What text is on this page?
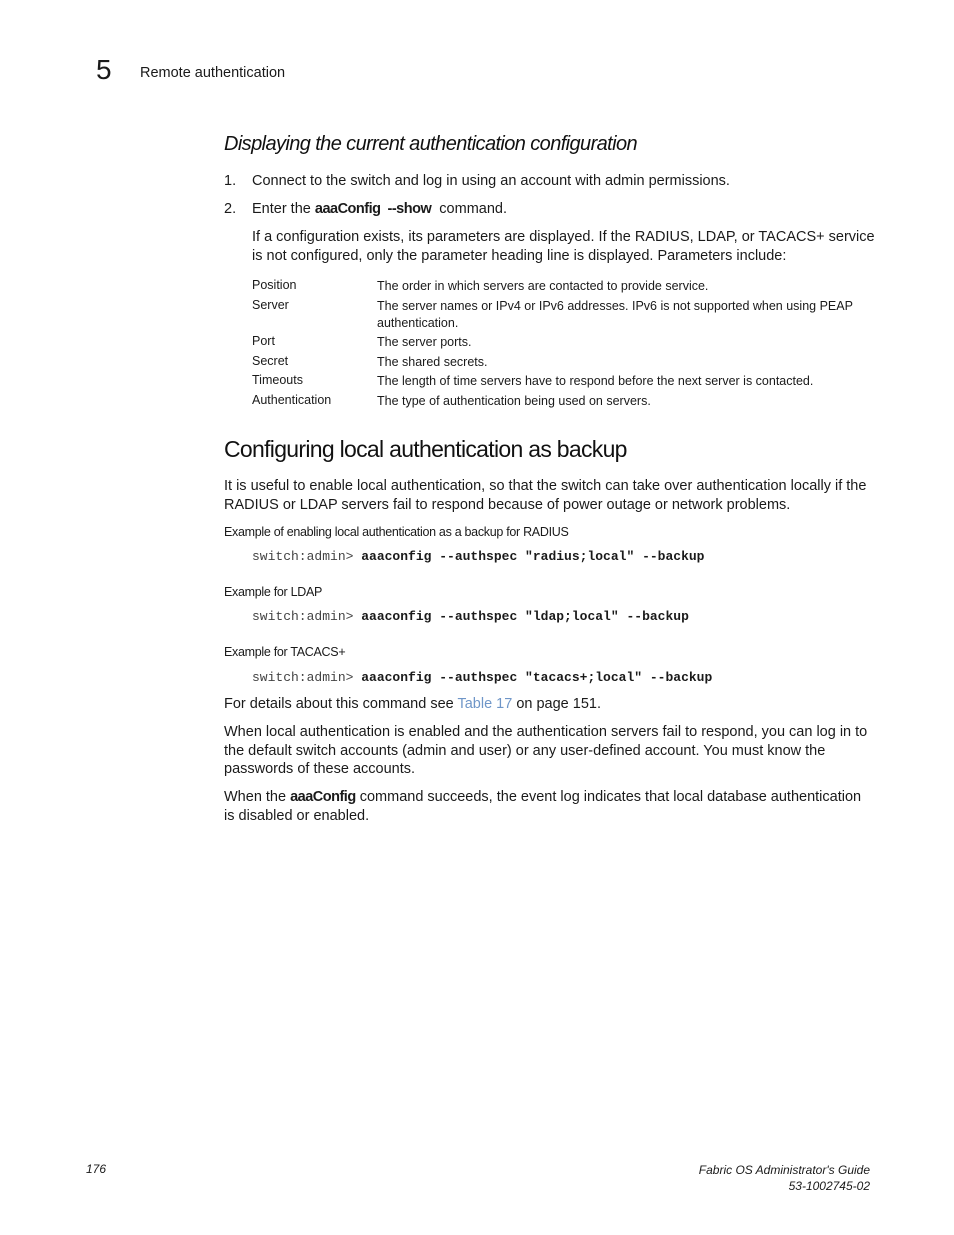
5 Remote authentication
Displaying the current authentication configuration
1.	Connect to the switch and log in using an account with admin permissions.
2.	Enter the aaaConfig  --show  command.
If a configuration exists, its parameters are displayed. If the RADIUS, LDAP, or TACACS+ service is not configured, only the parameter heading line is displayed. Parameters include:
Position	The order in which servers are contacted to provide service.
Server	The server names or IPv4 or IPv6 addresses. IPv6 is not supported when using PEAP authentication.
Port	The server ports.
Secret	The shared secrets.
Timeouts	The length of time servers have to respond before the next server is contacted.
Authentication	The type of authentication being used on servers.
Configuring local authentication as backup
It is useful to enable local authentication, so that the switch can take over authentication locally if the RADIUS or LDAP servers fail to respond because of power outage or network problems.
Example of enabling local authentication as a backup for RADIUS
switch:admin> aaaconfig --authspec "radius;local" --backup
Example for LDAP
switch:admin> aaaconfig --authspec "ldap;local" --backup
Example for TACACS+
switch:admin> aaaconfig --authspec "tacacs+;local" --backup
For details about this command see Table 17 on page 151.
When local authentication is enabled and the authentication servers fail to respond, you can log in to the default switch accounts (admin and user) or any user-defined account. You must know the passwords of these accounts.
When the aaaConfig command succeeds, the event log indicates that local database authentication is disabled or enabled.
176	Fabric OS Administrator's Guide
53-1002745-02
